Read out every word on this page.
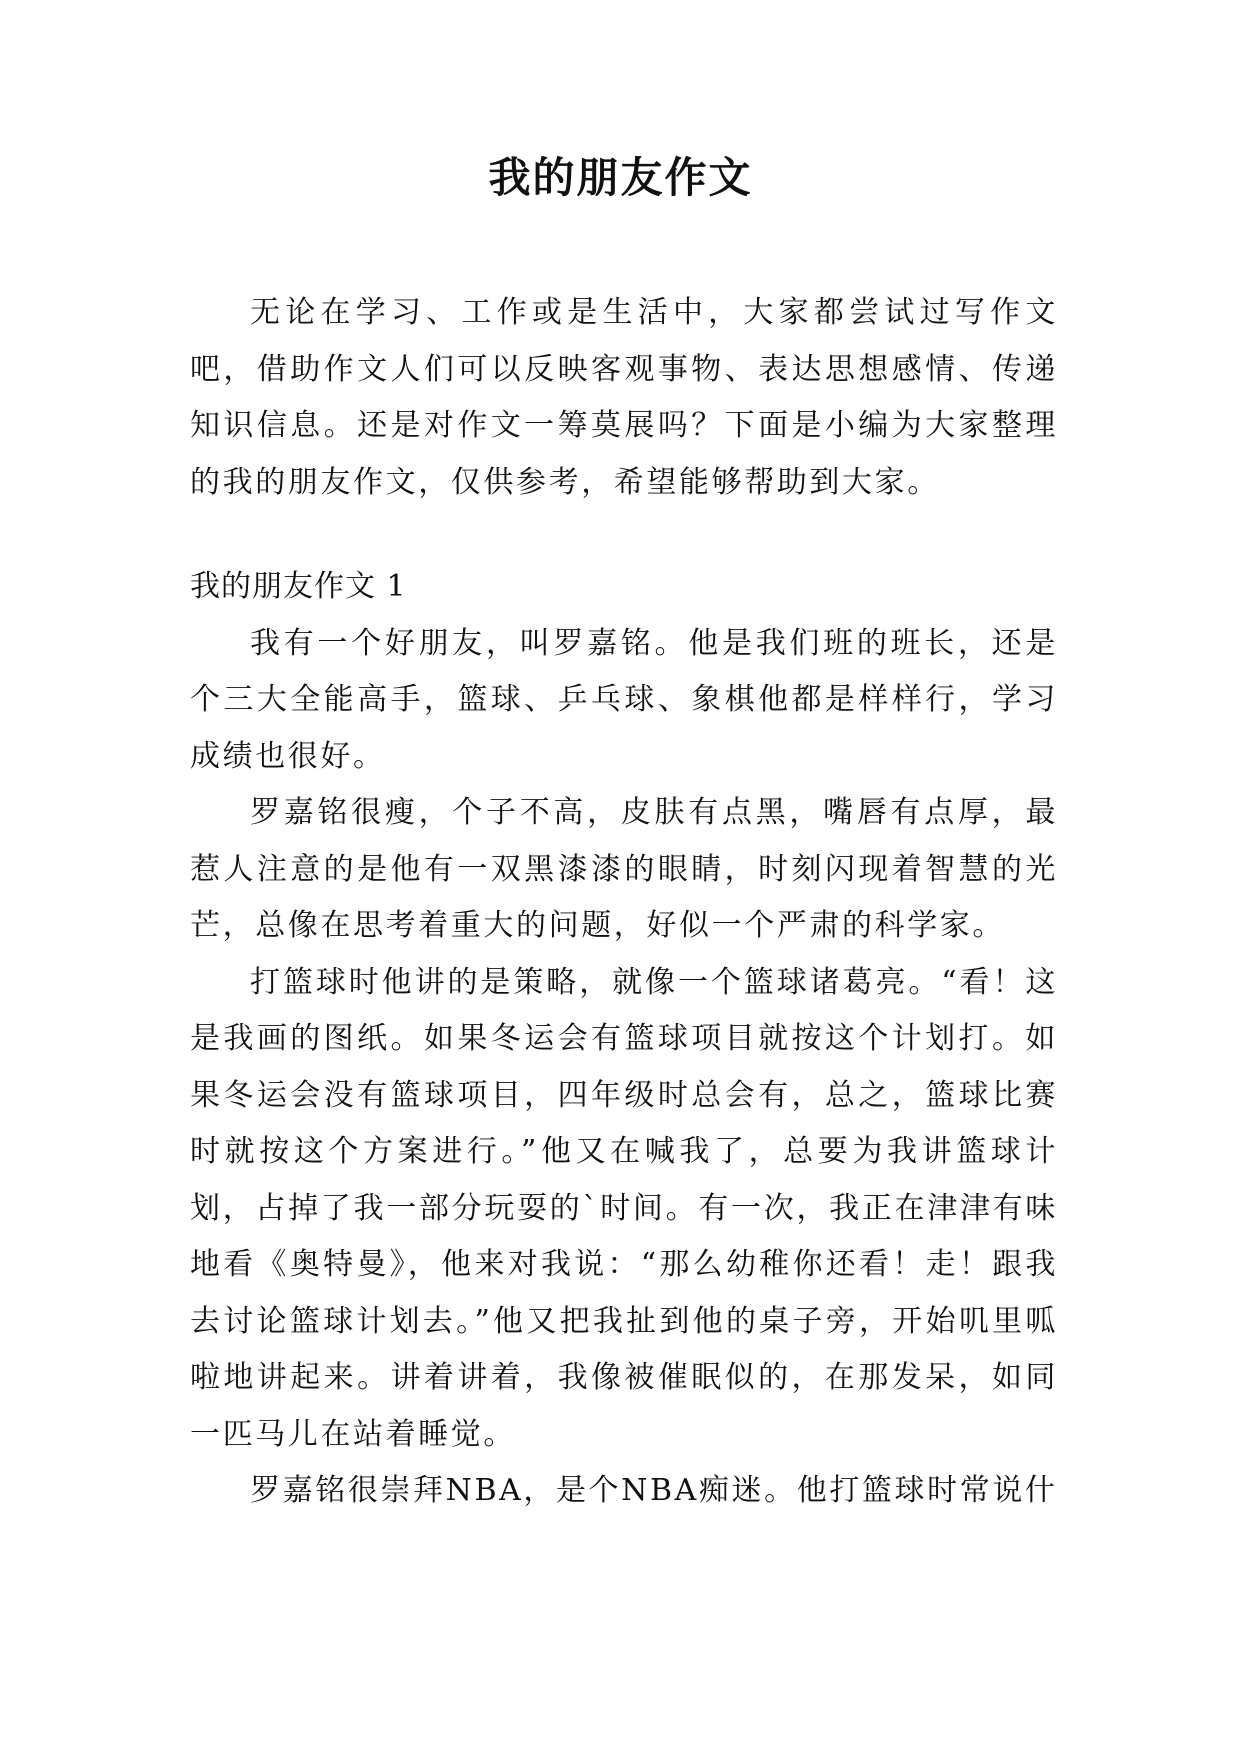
我的朋友作文

无论在学习、工作或是生活中，大家都尝试过写作文吧，借助作文人们可以反映客观事物、表达思想感情、传递知识信息。还是对作文一筹莫展吗？下面是小编为大家整理的我的朋友作文，仅供参考，希望能够帮助到大家。

我的朋友作文 1

我有一个好朋友，叫罗嘉铭。他是我们班的班长，还是个三大全能高手，篮球、乒乓球、象棋他都是样样行，学习成绩也很好。

罗嘉铭很瘦，个子不高，皮肤有点黑，嘴唇有点厚，最惹人注意的是他有一双黑漆漆的眼睛，时刻闪现着智慧的光芒，总像在思考着重大的问题，好似一个严肃的科学家。

打篮球时他讲的是策略，就像一个篮球诸葛亮。“看！这是我画的图纸。如果冬运会有篮球项目就按这个计划打。如果冬运会没有篮球项目，四年级时总会有，总之，篮球比赛时就按这个方案进行。”他又在喊我了，总要为我讲篮球计划，占掉了我一部分玩耍的`时间。有一次，我正在津津有味地看《奥特曼》，他来对我说：“那么幼稚你还看！走！跟我去讨论篮球计划去。”他又把我扯到他的桌子旁，开始叽里呱啦地讲起来。讲着讲着，我像被催眠似的，在那发呆，如同一匹马儿在站着睡觉。

罗嘉铭很崇拜NBA，是个NBA痴迷。他打篮球时常说什
